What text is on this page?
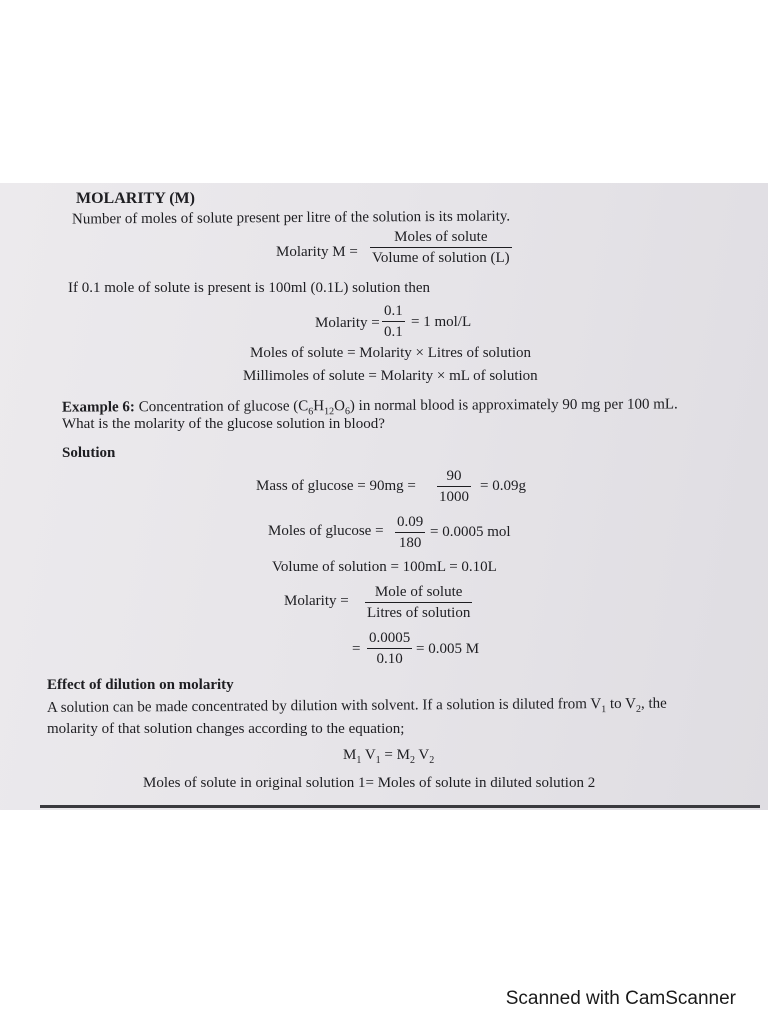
MOLARITY (M)
Number of moles of solute present per litre of the solution is its molarity.
Molarity M =
Moles of solute
Volume of solution (L)
If 0.1 mole of solute is present is 100ml (0.1L) solution then
Molarity =
0.1
0.1
= 1 mol/L
Moles of solute = Molarity × Litres of solution
Millimoles of solute = Molarity × mL of solution
Example 6: Concentration of glucose $(C_6H_{12}O_6)$ in normal blood is approximately 90 mg per 100 mL.
What is the molarity of the glucose solution in blood?
Solution
Mass of glucose = 90mg =
90
1000
= 0.09g
Moles of glucose =
0.09
180
= 0.0005 mol
Volume of solution = 100mL = 0.10L
Molarity =
Mole of solute
Litres of solution
=
0.0005
0.10
= 0.005 M
Effect of dilution on molarity
A solution can be made concentrated by dilution with solvent. If a solution is diluted from $V_1$ to $V_2$, the
molarity of that solution changes according to the equation;
$M_1$ $V_1 = M_2$ $V_2$
Moles of solute in original solution 1= Moles of solute in diluted solution 2
Scanned with CamScanner
